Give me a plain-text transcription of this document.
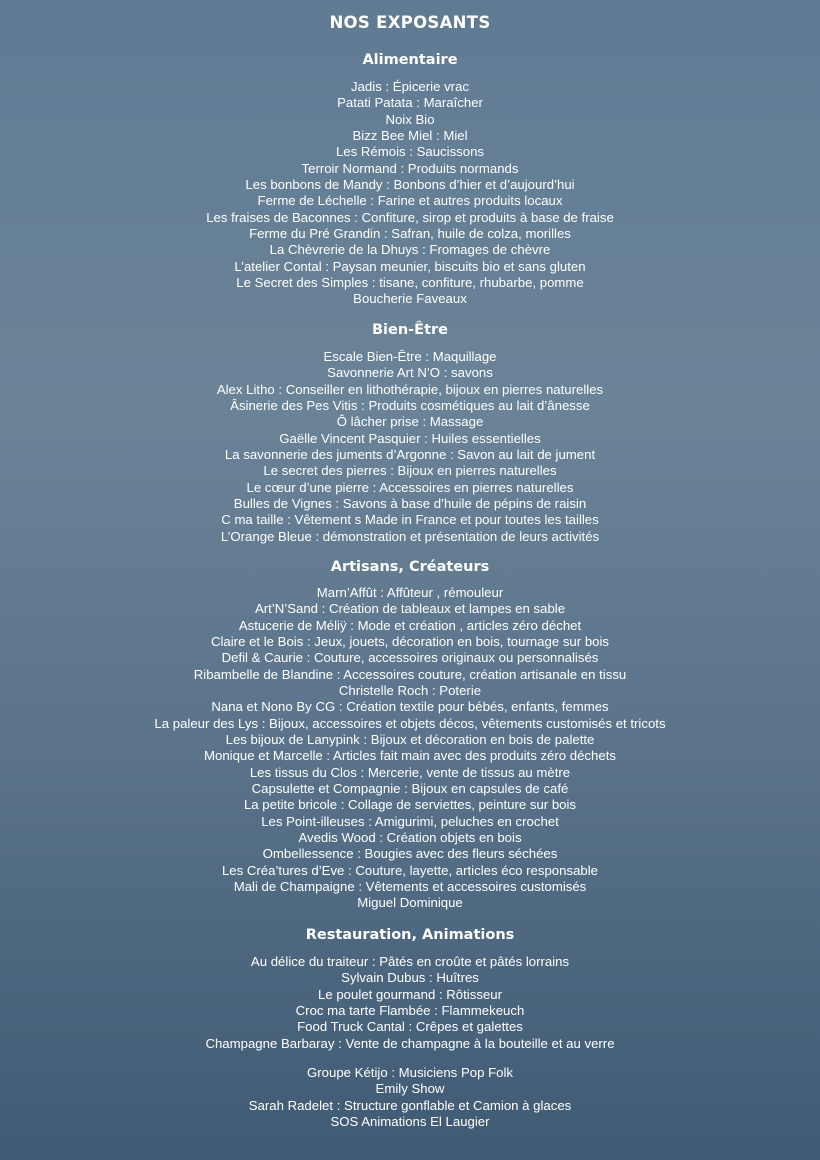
NOS EXPOSANTS
Alimentaire
Jadis : Épicerie vrac
Patati Patata : Maraîcher
Noix Bio
Bizz Bee Miel : Miel
Les Rémois : Saucissons
Terroir Normand : Produits normands
Les bonbons de Mandy : Bonbons d’hier et d’aujourd’hui
Ferme de Léchelle : Farine et autres produits locaux
Les fraises de Baconnes : Confiture, sirop et produits à base de fraise
Ferme du Pré Grandin : Safran, huile de colza, morilles
La Chèvrerie de la Dhuys : Fromages de chèvre
L’atelier Contal : Paysan meunier, biscuits bio et sans gluten
Le Secret des Simples : tisane, confiture, rhubarbe, pomme
Boucherie Faveaux
Bien-Être
Escale Bien-Être : Maquillage
Savonnerie Art N’O : savons
Alex Litho : Conseiller en lithothérapie, bijoux en pierres naturelles
Âsinerie des Pes Vitis : Produits cosmétiques au lait d’ânesse
Ô lâcher prise : Massage
Gaëlle Vincent Pasquier : Huiles essentielles
La savonnerie des juments d’Argonne : Savon au lait de jument
Le secret des pierres : Bijoux en pierres naturelles
Le cœur d’une pierre : Accessoires en pierres naturelles
Bulles de Vignes : Savons à base d’huile de pépins de raisin
C ma taille : Vêtement s Made in France et pour toutes les tailles
L’Orange Bleue : démonstration et présentation de leurs activités
Artisans, Créateurs
Marn’Affût : Affûteur , rémouleur
Art’N’Sand : Création de tableaux et lampes en sable
Astucerie de Méliÿ : Mode et création , articles zéro déchet
Claire et le Bois : Jeux, jouets, décoration en bois, tournage sur bois
Defil & Caurie : Couture, accessoires originaux ou personnalisés
Ribambelle de Blandine : Accessoires couture, création artisanale en tissu
Christelle Roch : Poterie
Nana et Nono By CG : Création textile pour bébés, enfants, femmes
La paleur des Lys : Bijoux, accessoires et objets décos, vêtements customisés et tricots
Les bijoux de Lanypink : Bijoux et décoration en bois de palette
Monique et Marcelle : Articles fait main avec des produits zéro déchets
Les tissus du Clos : Mercerie, vente de tissus au mètre
Capsulette et Compagnie : Bijoux en capsules de café
La petite bricole : Collage de serviettes, peinture sur bois
Les Point-illeuses : Amigurimi, peluches en crochet
Avedis Wood : Création objets en bois
Ombellessence : Bougies avec des fleurs séchées
Les Créa’tures d’Eve : Couture, layette, articles éco responsable
Mali de Champaigne : Vêtements et accessoires customisés
Miguel Dominique
Restauration, Animations
Au délice du traiteur : Pâtés en croûte et pâtés lorrains
Sylvain Dubus : Huîtres
Le poulet gourmand : Rôtisseur
Croc ma tarte Flambée : Flammekeuch
Food Truck Cantal : Crêpes et galettes
Champagne Barbaray : Vente de champagne à la bouteille et au verre
Groupe Kétijo : Musiciens Pop Folk
Emily Show
Sarah Radelet : Structure gonflable et Camion à glaces
SOS Animations El Laugier
